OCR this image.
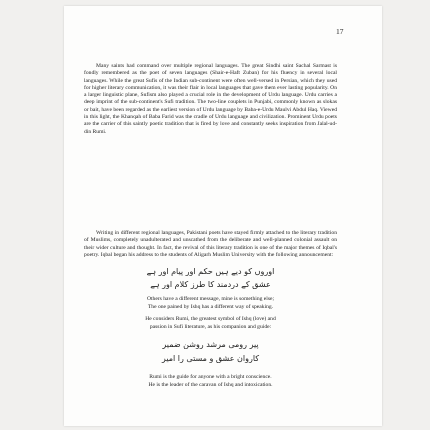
17

Many saints had command over multiple regional languages. The great Sindhi saint Sachal Sarmast is fondly remembered as the poet of seven languages (Shair-e-Haft Zuban) for his fluency in several local languages. While the great Sufis of the Indian sub-continent were often well-versed in Persian, which they used for higher literary communication, it was their flair in local languages that gave them ever lasting popularity. On a larger linguistic plane, Sufism also played a crucial role in the development of Urdu language. Urdu carries a deep imprint of the sub-continent's Sufi tradition. The two-line couplets in Punjabi, commonly known as slokas or bait, have been regarded as the earliest version of Urdu language by Baba-e-Urdu Maulvi Abdul Haq. Viewed in this light, the Khanqah of Baba Farid was the cradle of Urdu language and civilization. Prominent Urdu poets are the carrier of this saintly poetic tradition that is fired by love and constantly seeks inspiration from Jalal-ud-din Rumi.

Writing in different regional languages, Pakistani poets have stayed firmly attached to the literary tradition of Muslims, completely unadulterated and unscathed from the deliberate and well-planned colonial assault on their wider culture and thought. In fact, the revival of this literary tradition is one of the major themes of Iqbal's poetry. Iqbal began his address to the students of Aligarh Muslim University with the following announcement:

اوروں کو دیے ہیں حکم اور پیام اور ہے

عشق کے دردمند کا طرز کلام اور ہے

Others have a different message, mine is something else;
The one pained by Ishq has a different way of speaking.

He considers Rumi, the greatest symbol of Ishq (love) and
passion in Sufi literature, as his companion and guide:

پیر رومی مرشد روشن ضمیر

کاروان عشق و مستی را امیر

Rumi is the guide for anyone with a bright conscience.
He is the leader of the caravan of Ishq and intoxication.
